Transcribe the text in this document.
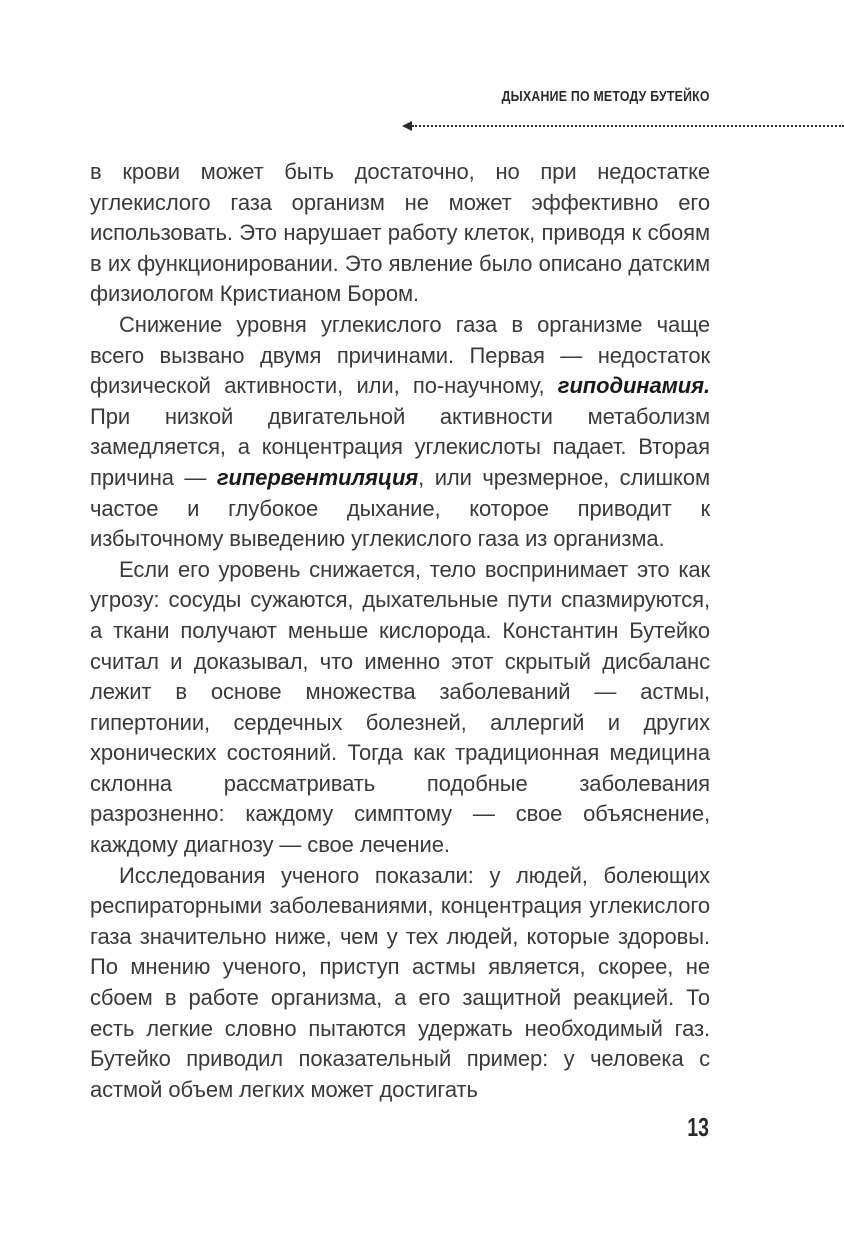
ДЫХАНИЕ ПО МЕТОДУ БУТЕЙКО

в крови может быть достаточно, но при недостатке углекислого газа организм не может эффективно его использовать. Это нарушает работу клеток, приводя к сбоям в их функционировании. Это явление было описано датским физиологом Кристианом Бором.

Снижение уровня углекислого газа в организме чаще всего вызвано двумя причинами. Первая — недостаток физической активности, или, по-научному, гиподинамия. При низкой двигательной активности метаболизм замедляется, а концентрация углекислоты падает. Вторая причина — гипервентиляция, или чрезмерное, слишком частое и глубокое дыхание, которое приводит к избыточному выведению углекислого газа из организма.

Если его уровень снижается, тело воспринимает это как угрозу: сосуды сужаются, дыхательные пути спазмируются, а ткани получают меньше кислорода. Константин Бутейко считал и доказывал, что именно этот скрытый дисбаланс лежит в основе множества заболеваний — астмы, гипертонии, сердечных болезней, аллергий и других хронических состояний. Тогда как традиционная медицина склонна рассматривать подобные заболевания разрозненно: каждому симптому — свое объяснение, каждому диагнозу — свое лечение.

Исследования ученого показали: у людей, болеющих респираторными заболеваниями, концентрация углекислого газа значительно ниже, чем у тех людей, которые здоровы. По мнению ученого, приступ астмы является, скорее, не сбоем в работе организма, а его защитной реакцией. То есть легкие словно пытаются удержать необходимый газ. Бутейко приводил показательный пример: у человека с астмой объем легких может достигать

13
